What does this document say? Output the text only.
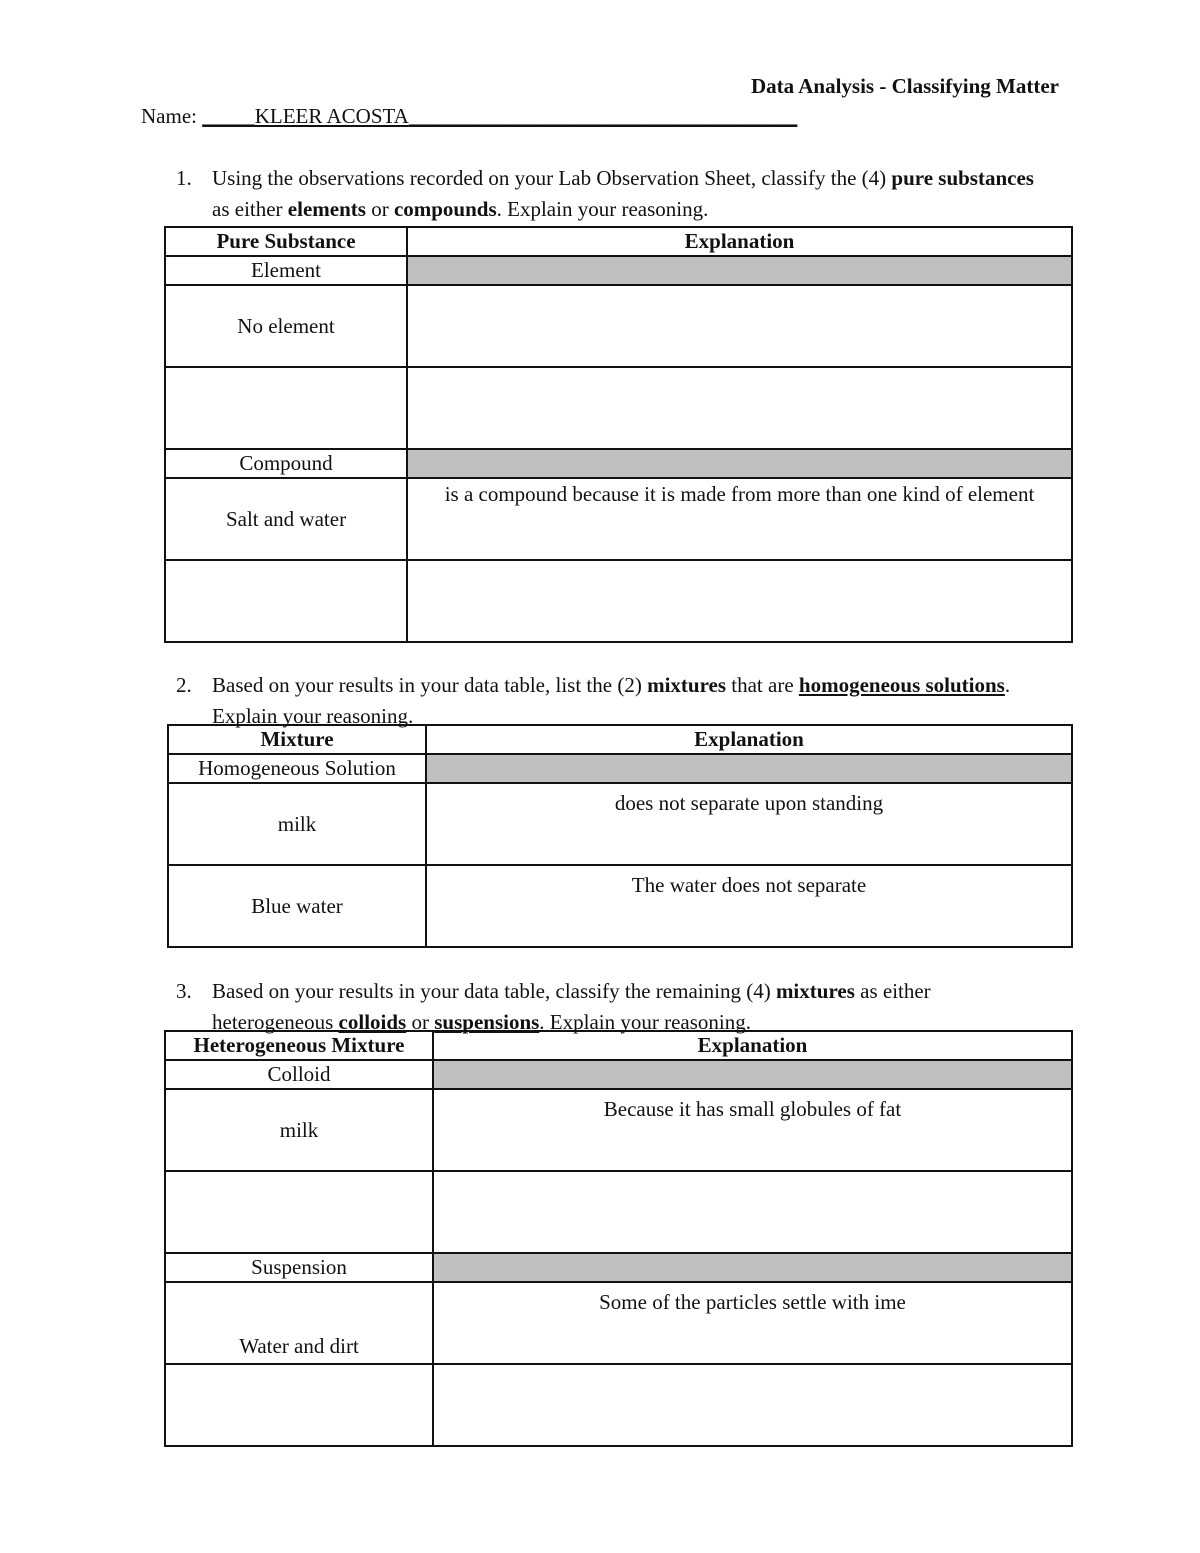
Data Analysis - Classifying Matter
Name: _____KLEER ACOSTA_____________________________________
1. Using the observations recorded on your Lab Observation Sheet, classify the (4) pure substances as either elements or compounds. Explain your reasoning.
Pure Substance	Explanation
Element	
No element	

Compound	
Salt and water	is a compound because it is made from more than one kind of element

2. Based on your results in your data table, list the (2) mixtures that are homogeneous solutions. Explain your reasoning.
Mixture	Explanation
Homogeneous Solution	
milk	does not separate upon standing
Blue water	The water does not separate
3. Based on your results in your data table, classify the remaining (4) mixtures as either heterogeneous colloids or suspensions. Explain your reasoning.
Heterogeneous Mixture	Explanation
Colloid	
milk	Because it has small globules of fat

Suspension	
Water and dirt	Some of the particles settle with ime
